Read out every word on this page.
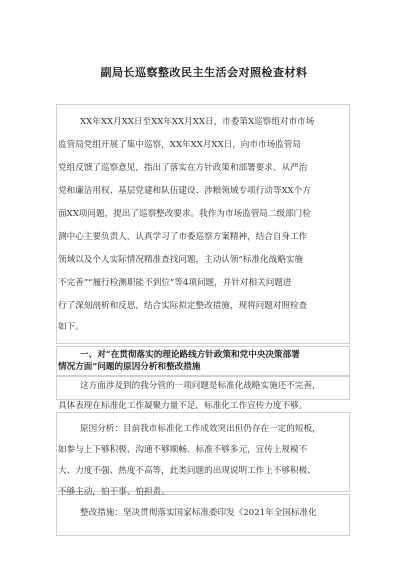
副局长巡察整改民主生活会对照检查材料
XX年XX月XX日至XX年XX月XX日，市委第X巡察组对市市场
监管局党组开展了集中巡察，XX年XX月XX日，向市市场监管局
党组反馈了巡察意见，指出了落实在方针政策和部署要求、从严治
党和廉洁用权、基层党建和队伍建设、涉粮领域专项行动等XX个方
面XX项问题，提出了巡察整改要求。我作为市场监管局二级部门检
测中心主要负责人，认真学习了市委巡察方案精神，结合自身工作
领域以及个人实际情况精准查找问题，主动认领“标准化战略实施
不完善”“履行检测职能不到位”等4项问题，并针对相关问题进
行了深刻剖析和反思，结合实际拟定整改措施，现将问题对照检查
如下。
一、对“在贯彻落实的理论路线方针政策和党中央决策部署
情况方面”问题的原因分析和整改措施
这方面涉及到的我分管的一项问题是标准化战略实施还不完善，
具体表现在标准化工作凝聚力量不足，标准化工作宣传力度不够。
原因分析：目前我市标准化工作成效突出但仍存在一定的短板，
如参与上下够积极、沟通不够顺畅、标准不够多元，宣传上规模不
大、力度不强、热度不高等，此类问题的出现说明工作上不够积极、
不够主动，怕干事、怕担责。
整改措施：坚决贯彻落实国家标准委印发《2021年全国标准化
